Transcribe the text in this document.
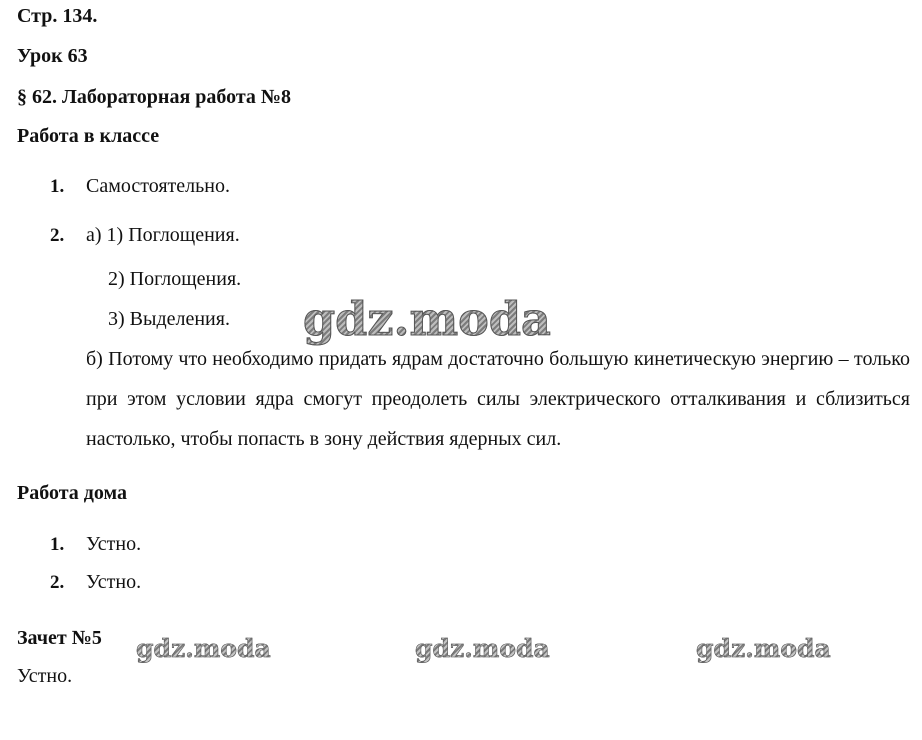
Стр. 134.
Урок 63
§ 62. Лабораторная работа №8
Работа в классе
1. Самостоятельно.
2. а) 1) Поглощения.
2) Поглощения.
3) Выделения.
б) Потому что необходимо придать ядрам достаточно большую кинетическую энергию – только при этом условии ядра смогут преодолеть силы электрического отталкивания и сблизиться настолько, чтобы попасть в зону действия ядерных сил.
Работа дома
1. Устно.
2. Устно.
Зачет №5
Устно.
gdz.moda
gdz.moda	gdz.moda	gdz.moda
